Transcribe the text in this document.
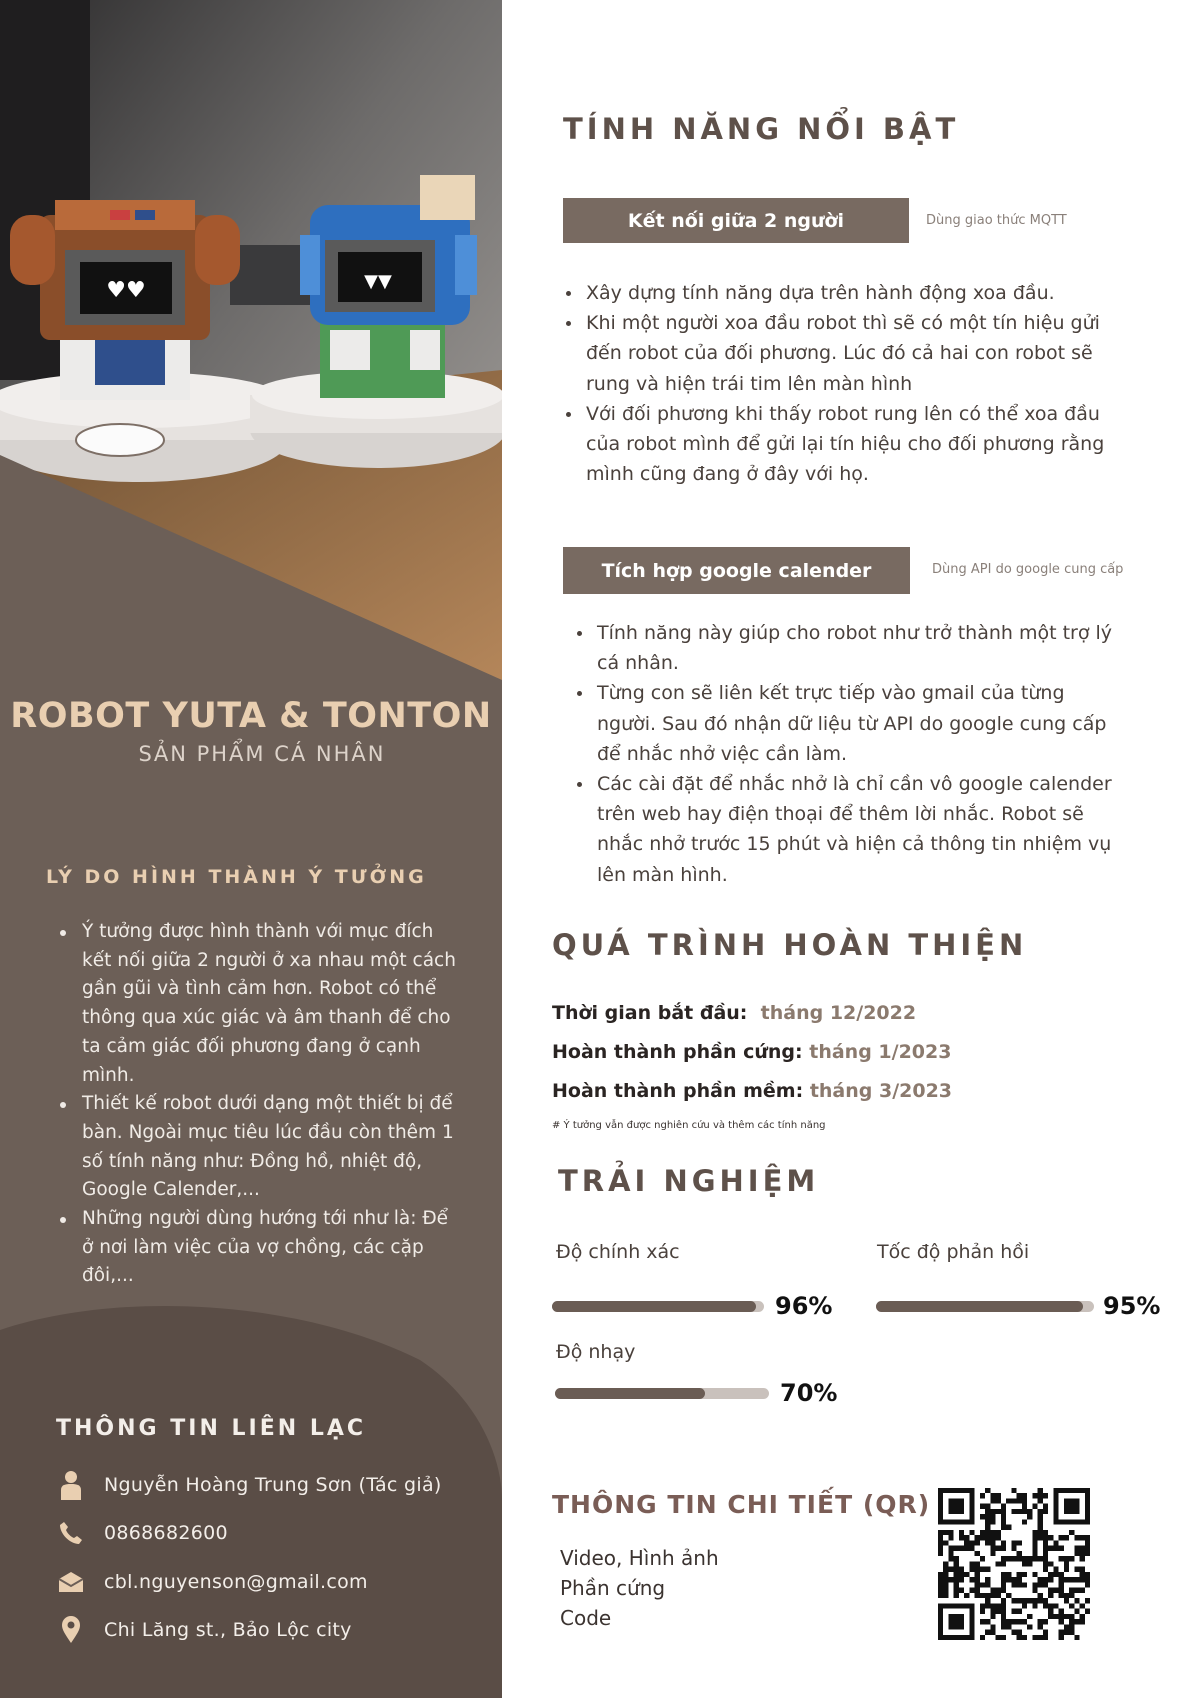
♥♥	▼▼
ROBOT YUTA & TONTON
SẢN PHẨM CÁ NHÂN
LÝ DO HÌNH THÀNH Ý TƯỞNG
Ý tưởng được hình thành với mục đích kết nối giữa 2 người ở xa nhau một cách gần gũi và tình cảm hơn. Robot có thể thông qua xúc giác và âm thanh để cho ta cảm giác đối phương đang ở cạnh mình.
Thiết kế robot dưới dạng một thiết bị để bàn. Ngoài mục tiêu lúc đầu còn thêm 1 số tính năng như: Đồng hồ, nhiệt độ, Google Calender,...
Những người dùng hướng tới như là: Để ở nơi làm việc của vợ chồng, các cặp đôi,...
THÔNG TIN LIÊN LẠC
Nguyễn Hoàng Trung Sơn (Tác giả)
0868682600
cbl.nguyenson@gmail.com
Chi Lăng st., Bảo Lộc city
TÍNH NĂNG NỔI BẬT
Kết nối giữa 2 người	Dùng giao thức MQTT
Xây dựng tính năng dựa trên hành động xoa đầu.
Khi một người xoa đầu robot thì sẽ có một tín hiệu gửi đến robot của đối phương. Lúc đó cả hai con robot sẽ rung và hiện trái tim lên màn hình
Với đối phương khi thấy robot rung lên có thể xoa đầu của robot mình để gửi lại tín hiệu cho đối phương rằng mình cũng đang ở đây với họ.
Tích hợp google calender	Dùng API do google cung cấp
Tính năng này giúp cho robot như trở thành một trợ lý cá nhân.
Từng con sẽ liên kết trực tiếp vào gmail của từng người. Sau đó nhận dữ liệu từ API do google cung cấp để nhắc nhở việc cần làm.
Các cài đặt để nhắc nhở là chỉ cần vô google calender trên web hay điện thoại để thêm lời nhắc. Robot sẽ nhắc nhở trước 15 phút và hiện cả thông tin nhiệm vụ lên màn hình.
QUÁ TRÌNH HOÀN THIỆN
Thời gian bắt đầu: tháng 12/2022
Hoàn thành phần cứng: tháng 1/2023
Hoàn thành phần mềm: tháng 3/2023
# Ý tưởng vẫn được nghiên cứu và thêm các tính năng
TRẢI NGHIỆM
Độ chính xác
96%
Tốc độ phản hồi
95%
Độ nhạy
70%
THÔNG TIN CHI TIẾT (QR)
Video, Hình ảnh
Phần cứng
Code
